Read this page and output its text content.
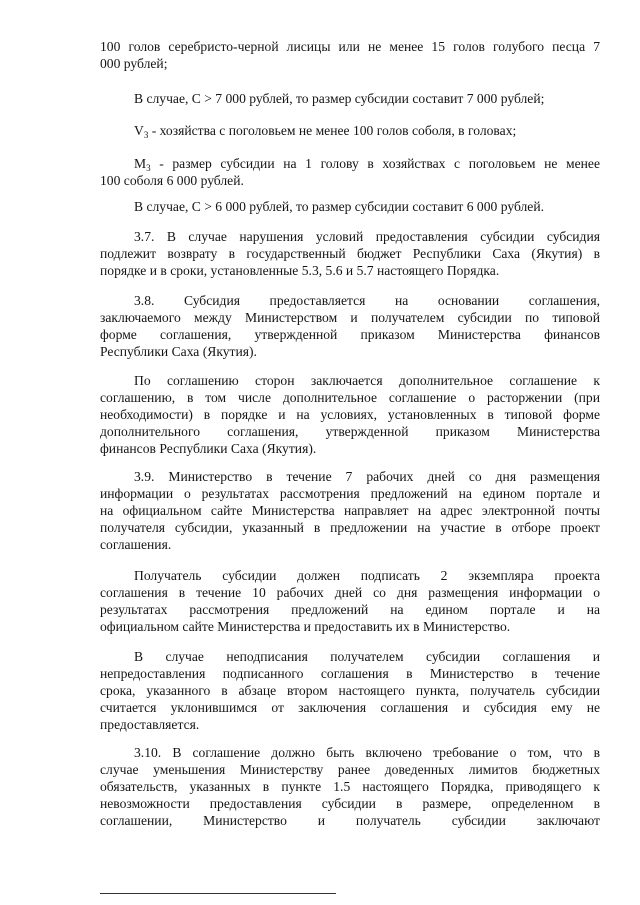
100 голов серебристо-черной лисицы или не менее 15 голов голубого песца 7
000 рублей;

В случае, С > 7 000 рублей, то размер субсидии составит 7 000 рублей;

$V_3$ - хозяйства с поголовьем не менее 100 голов соболя, в головах;

$M_3$ - размер субсидии на 1 голову в хозяйствах с поголовьем не менее
100 соболя 6 000 рублей.

В случае, С > 6 000 рублей, то размер субсидии составит 6 000 рублей.

3.7. В случае нарушения условий предоставления субсидии субсидия
подлежит возврату в государственный бюджет Республики Саха (Якутия) в
порядке и в сроки, установленные 5.3, 5.6 и 5.7 настоящего Порядка.

3.8. Субсидия предоставляется на основании соглашения,
заключаемого между Министерством и получателем субсидии по типовой
форме соглашения, утвержденной приказом Министерства финансов
Республики Саха (Якутия).

По соглашению сторон заключается дополнительное соглашение к
соглашению, в том числе дополнительное соглашение о расторжении (при
необходимости) в порядке и на условиях, установленных в типовой форме
дополнительного соглашения, утвержденной приказом Министерства
финансов Республики Саха (Якутия).

3.9. Министерство в течение 7 рабочих дней со дня размещения
информации о результатах рассмотрения предложений на едином портале и
на официальном сайте Министерства направляет на адрес электронной почты
получателя субсидии, указанный в предложении на участие в отборе проект
соглашения.

Получатель субсидии должен подписать 2 экземпляра проекта
соглашения в течение 10 рабочих дней со дня размещения информации о
результатах рассмотрения предложений на едином портале и на
официальном сайте Министерства и предоставить их в Министерство.

В случае неподписания получателем субсидии соглашения и
непредоставления подписанного соглашения в Министерство в течение
срока, указанного в абзаце втором настоящего пункта, получатель субсидии
считается уклонившимся от заключения соглашения и субсидия ему не
предоставляется.

3.10. В соглашение должно быть включено требование о том, что в
случае уменьшения Министерству ранее доведенных лимитов бюджетных
обязательств, указанных в пункте 1.5 настоящего Порядка, приводящего к
невозможности предоставления субсидии в размере, определенном в
соглашении, Министерство и получатель субсидии заключают
